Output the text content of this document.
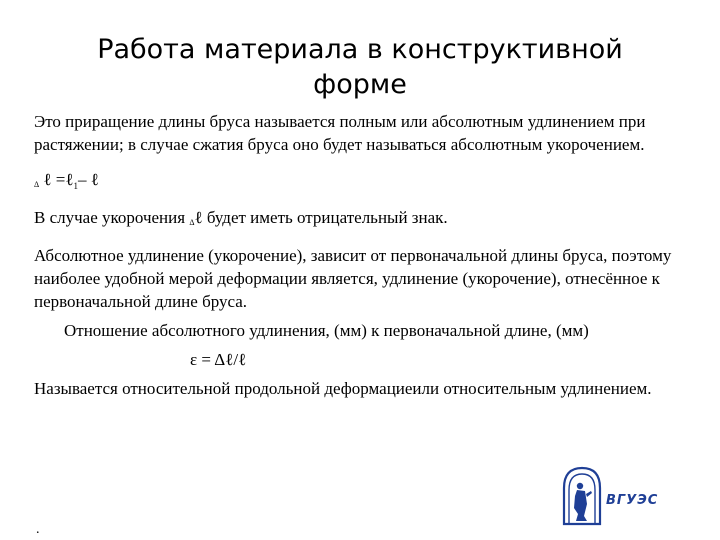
Работа материала в конструктивной форме

Это приращение длины бруса называется полным или абсолютным удлинением при растяжении; в случае сжатия бруса оно будет называться абсолютным укорочением.

Δ ℓ =ℓ$_1$– ℓ

В случае укорочения Δℓ будет иметь отрицательный знак.

Абсолютное удлинение (укорочение), зависит от первоначальной длины бруса, поэтому наиболее удобной мерой деформации является, удлинение (укорочение), отнесённое к первоначальной длине бруса.

Отношение абсолютного удлинения, (мм) к первоначальной длине, (мм)

ε = Δℓ/ℓ

Называется относительной продольной деформациеили относительным удлинением.

ВГУЭС
.
